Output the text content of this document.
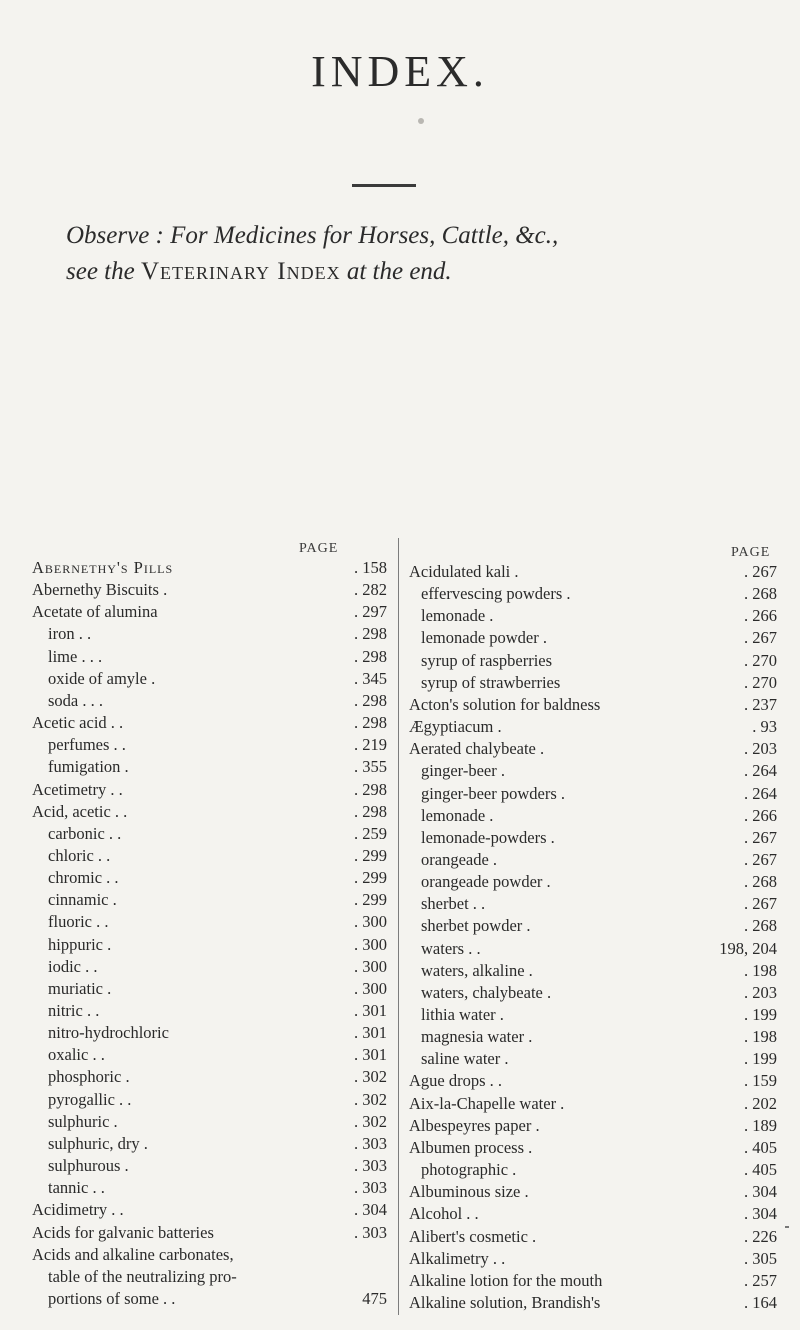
INDEX.
Observe : For Medicines for Horses, Cattle, &c.,
see the Veterinary Index at the end.
PAGE
Abernethy's Pills	. 158
Abernethy Biscuits .	. 282
Acetate of alumina	. 297
iron . .	. 298
lime . . .	. 298
oxide of amyle .	. 345
soda . . .	. 298
Acetic acid . .	. 298
perfumes . .	. 219
fumigation .	. 355
Acetimetry . .	. 298
Acid, acetic . .	. 298
carbonic . .	. 259
chloric . .	. 299
chromic . .	. 299
cinnamic .	. 299
fluoric . .	. 300
hippuric .	. 300
iodic . .	. 300
muriatic .	. 300
nitric . .	. 301
nitro-hydrochloric	. 301
oxalic . .	. 301
phosphoric .	. 302
pyrogallic . .	. 302
sulphuric .	. 302
sulphuric, dry .	. 303
sulphurous .	. 303
tannic . .	. 303
Acidimetry . .	. 304
Acids for galvanic batteries	. 303
Acids and alkaline carbonates,
table of the neutralizing pro-
portions of some . .	475
PAGE
Acidulated kali .	. 267
effervescing powders .	. 268
lemonade .	. 266
lemonade powder .	. 267
syrup of raspberries	. 270
syrup of strawberries	. 270
Acton's solution for baldness	. 237
Ægyptiacum .	. 93
Aerated chalybeate .	. 203
ginger-beer .	. 264
ginger-beer powders .	. 264
lemonade .	. 266
lemonade-powders .	. 267
orangeade .	. 267
orangeade powder .	. 268
sherbet . .	. 267
sherbet powder .	. 268
waters . .	198, 204
waters, alkaline .	. 198
waters, chalybeate .	. 203
lithia water .	. 199
magnesia water .	. 198
saline water .	. 199
Ague drops . .	. 159
Aix-la-Chapelle water .	. 202
Albespeyres paper .	. 189
Albumen process .	. 405
photographic .	. 405
Albuminous size .	. 304
Alcohol . .	. 304
Alibert's cosmetic .	. 226
Alkalimetry . .	. 305
Alkaline lotion for the mouth	. 257
Alkaline solution, Brandish's	. 164
